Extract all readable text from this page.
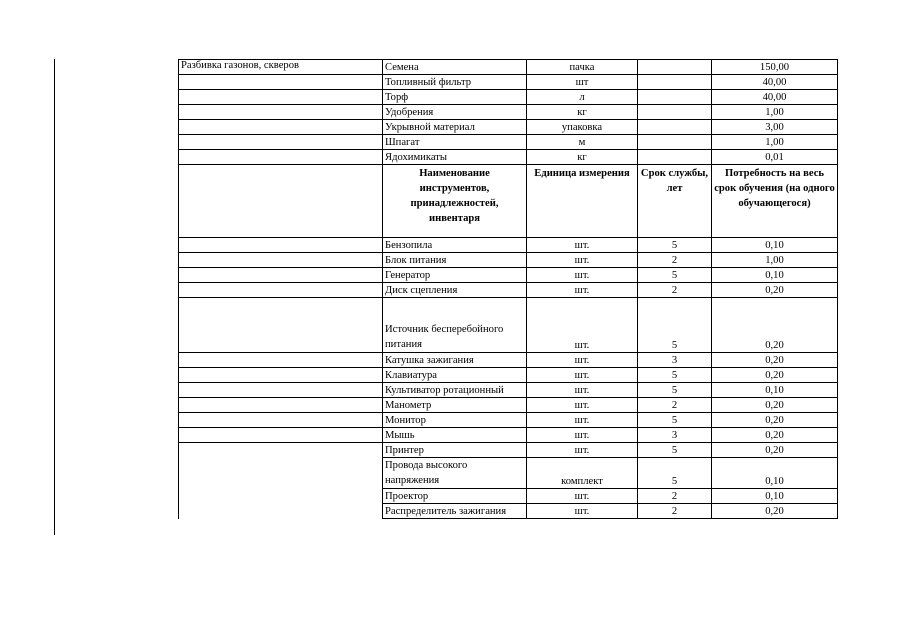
Разбивка газонов, скверов	Семена	пачка		150,00
	Топливный фильтр	шт		40,00
	Торф	л		40,00
	Удобрения	кг		1,00
	Укрывной материал	упаковка		3,00
	Шпагат	м		1,00
	Ядохимикаты	кг		0,01
	Наименование инструментов, принадлежностей, инвентаря	Единица измерения	Срок службы, лет	Потребность на весь срок обучения (на одного обучающегося)
	Бензопила	шт.	5	0,10
	Блок питания	шт.	2	1,00
	Генератор	шт.	5	0,10
	Диск сцепления	шт.	2	0,20
	Источник бесперебойного питания	шт.	5	0,20
	Катушка зажигания	шт.	3	0,20
	Клавиатура	шт.	5	0,20
	Культиватор ротационный	шт.	5	0,10
	Манометр	шт.	2	0,20
	Монитор	шт.	5	0,20
	Мышь	шт.	3	0,20
	Принтер	шт.	5	0,20
	Провода высокого напряжения	комплект	5	0,10
	Проектор	шт.	2	0,10
	Распределитель зажигания	шт.	2	0,20
